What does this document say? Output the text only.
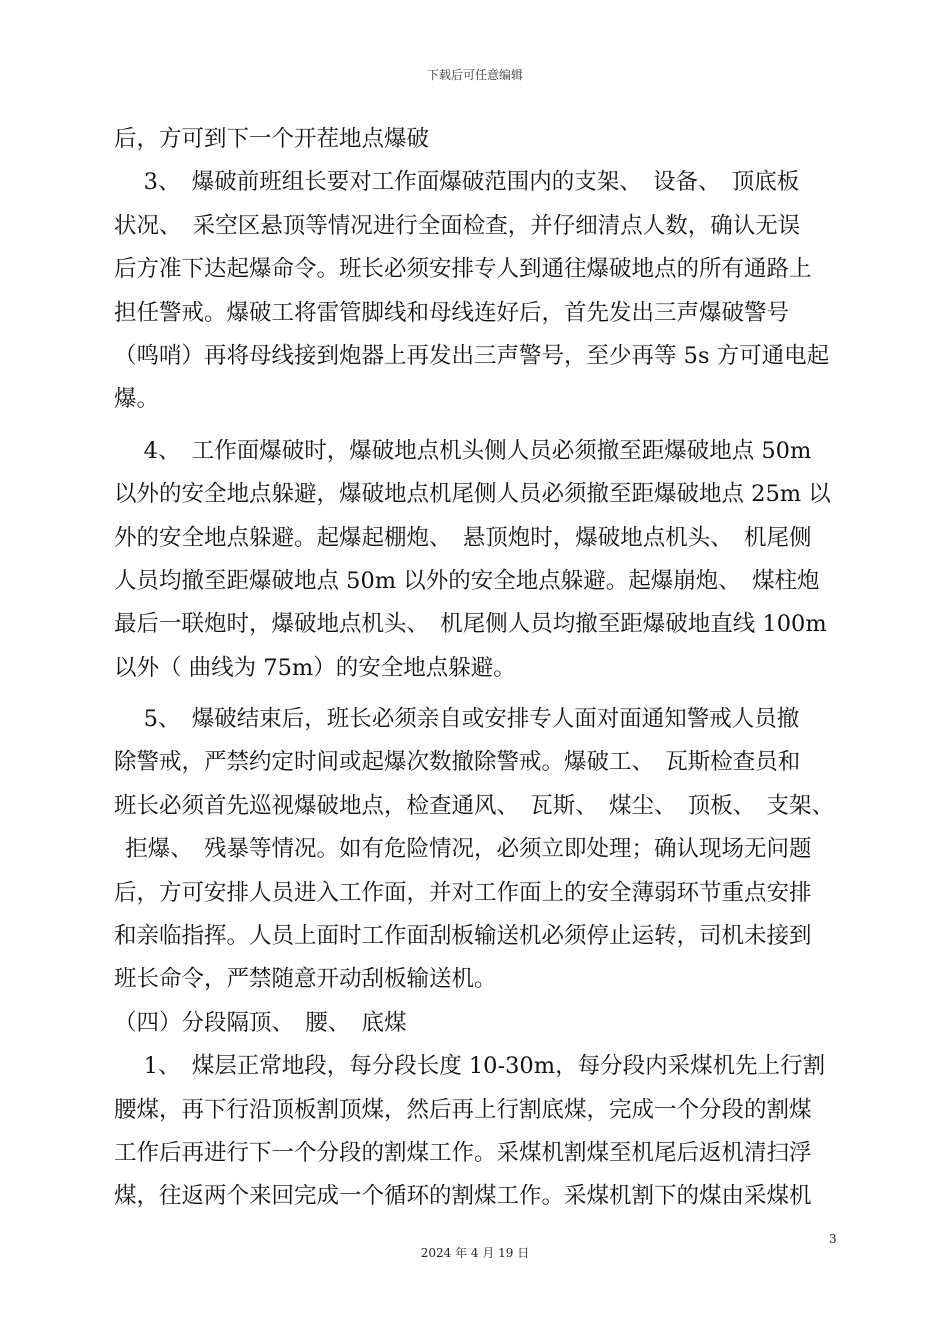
下载后可任意编辑
后，方可到下一个开茬地点爆破
　 3、　爆破前班组长要对工作面爆破范围内的支架、　设备、　顶底板
状况、　采空区悬顶等情况进行全面检查，并仔细清点人数，确认无误
后方准下达起爆命令。班长必须安排专人到通往爆破地点的所有通路上
担任警戒。爆破工将雷管脚线和母线连好后，首先发出三声爆破警号
（鸣哨）再将母线接到炮器上再发出三声警号，至少再等 5s 方可通电起
爆。
　 4、　工作面爆破时，爆破地点机头侧人员必须撤至距爆破地点 50m
以外的安全地点躲避，爆破地点机尾侧人员必须撤至距爆破地点 25m 以
外的安全地点躲避。起爆起棚炮、　悬顶炮时，爆破地点机头、　机尾侧
人员均撤至距爆破地点 50m 以外的安全地点躲避。起爆崩炮、　煤柱炮
最后一联炮时，爆破地点机头、　机尾侧人员均撤至距爆破地直线 100m
以外（ 曲线为 75m）的安全地点躲避。
　 5、　爆破结束后，班长必须亲自或安排专人面对面通知警戒人员撤
除警戒，严禁约定时间或起爆次数撤除警戒。爆破工、　瓦斯检查员和
班长必须首先巡视爆破地点，检查通风、　瓦斯、　煤尘、　顶板、　支架、
 拒爆、　残暴等情况。如有危险情况，必须立即处理；确认现场无问题
后，方可安排人员进入工作面，并对工作面上的安全薄弱环节重点安排
和亲临指挥。人员上面时工作面刮板输送机必须停止运转，司机未接到
班长命令，严禁随意开动刮板输送机。
（四）分段隔顶、　腰、　底煤
　 1、　煤层正常地段，每分段长度 10-30m，每分段内采煤机先上行割
腰煤，再下行沿顶板割顶煤，然后再上行割底煤，完成一个分段的割煤
工作后再进行下一个分段的割煤工作。采煤机割煤至机尾后返机清扫浮
煤，往返两个来回完成一个循环的割煤工作。采煤机割下的煤由采煤机
3
2024 年 4 月 19 日
